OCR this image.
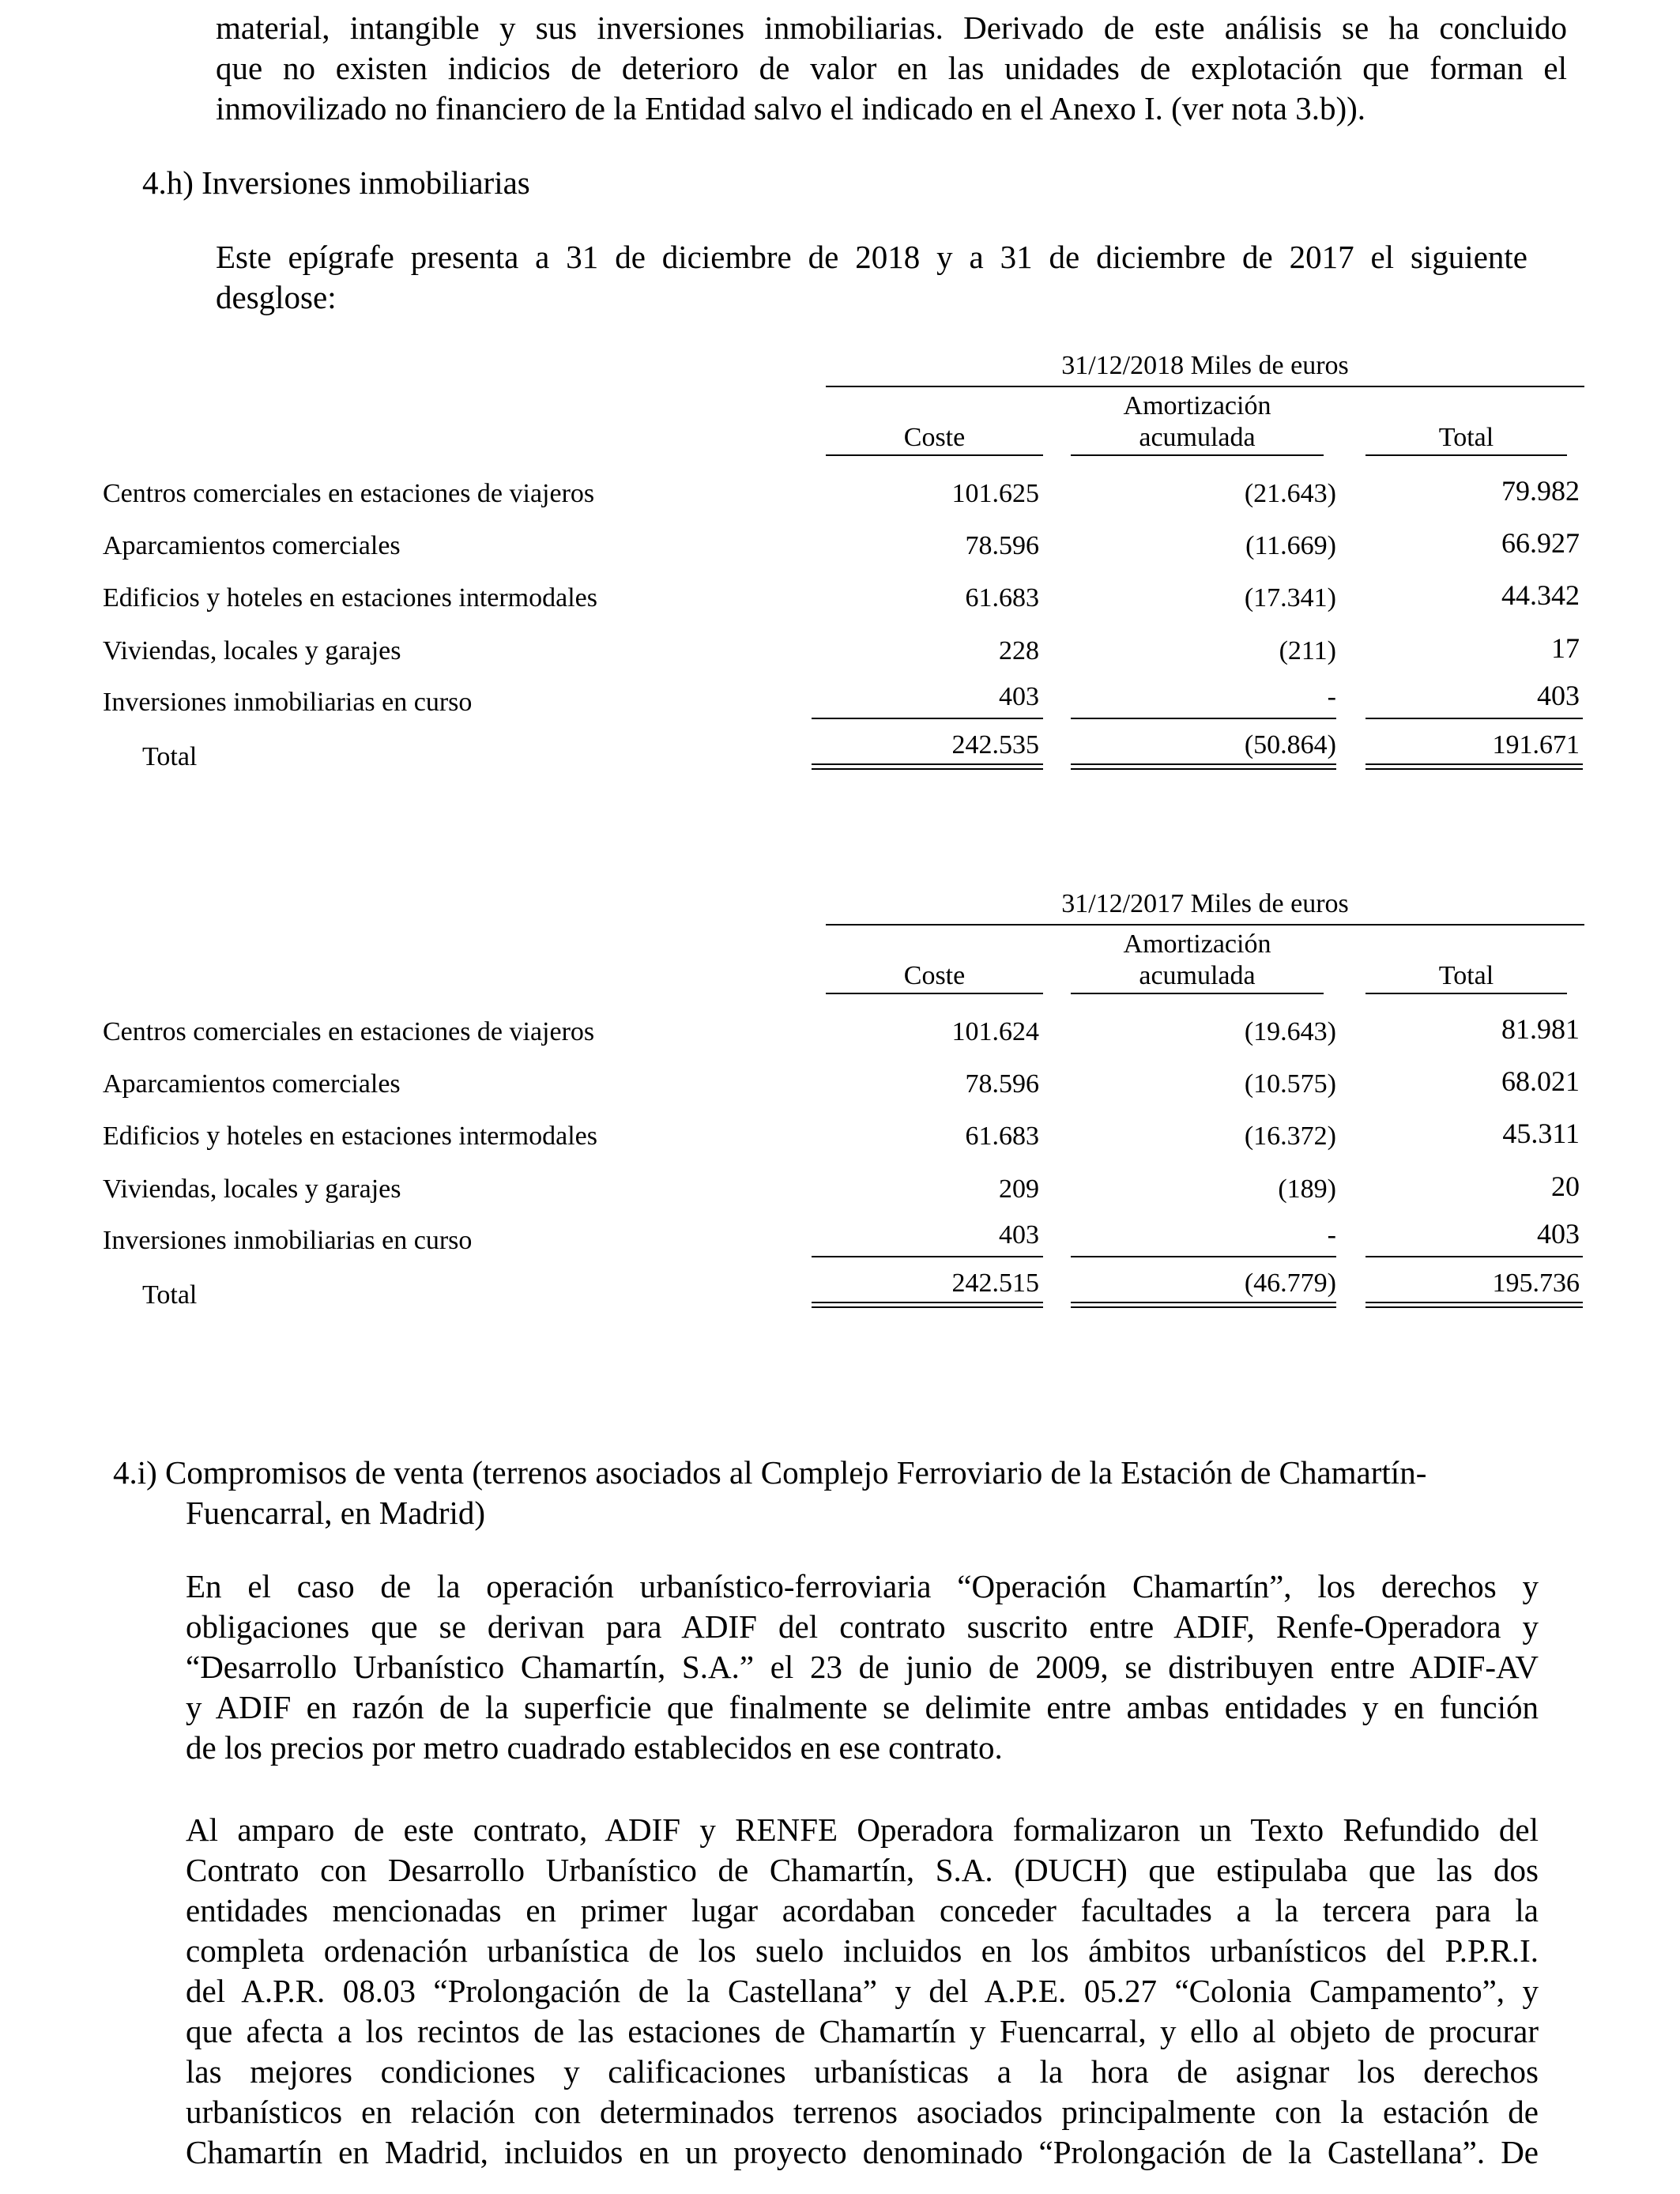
material, intangible y sus inversiones inmobiliarias. Derivado de este análisis se ha concluido
que no existen indicios de deterioro de valor en las unidades de explotación que forman el
inmovilizado no financiero de la Entidad salvo el indicado en el Anexo I. (ver nota 3.b)).
4.h) Inversiones inmobiliarias
Este epígrafe presenta a 31 de diciembre de 2018 y a 31 de diciembre de 2017 el siguiente
desglose:
31/12/2018 Miles de euros
Amortización
Coste	acumulada	Total
Centros comerciales en estaciones de viajeros	101.625	(21.643)	79.982
Aparcamientos comerciales	78.596	(11.669)	66.927
Edificios y hoteles en estaciones intermodales	61.683	(17.341)	44.342
Viviendas, locales y garajes	228	(211)	17
Inversiones inmobiliarias en curso	403	-	403
Total	242.535	(50.864)	191.671
31/12/2017 Miles de euros
Amortización
Coste	acumulada	Total
Centros comerciales en estaciones de viajeros	101.624	(19.643)	81.981
Aparcamientos comerciales	78.596	(10.575)	68.021
Edificios y hoteles en estaciones intermodales	61.683	(16.372)	45.311
Viviendas, locales y garajes	209	(189)	20
Inversiones inmobiliarias en curso	403	-	403
Total	242.515	(46.779)	195.736
4.i) Compromisos de venta (terrenos asociados al Complejo Ferroviario de la Estación de Chamartín-
Fuencarral, en Madrid)
En el caso de la operación urbanístico-ferroviaria “Operación Chamartín”, los derechos y
obligaciones que se derivan para ADIF del contrato suscrito entre ADIF, Renfe-Operadora y
“Desarrollo Urbanístico Chamartín, S.A.” el 23 de junio de 2009, se distribuyen entre ADIF-AV
y ADIF en razón de la superficie que finalmente se delimite entre ambas entidades y en función
de los precios por metro cuadrado establecidos en ese contrato.
Al amparo de este contrato, ADIF y RENFE Operadora formalizaron un Texto Refundido del
Contrato con Desarrollo Urbanístico de Chamartín, S.A. (DUCH) que estipulaba que las dos
entidades mencionadas en primer lugar acordaban conceder facultades a la tercera para la
completa ordenación urbanística de los suelo incluidos en los ámbitos urbanísticos del P.P.R.I.
del A.P.R. 08.03 “Prolongación de la Castellana” y del A.P.E. 05.27 “Colonia Campamento”, y
que afecta a los recintos de las estaciones de Chamartín y Fuencarral, y ello al objeto de procurar
las mejores condiciones y calificaciones urbanísticas a la hora de asignar los derechos
urbanísticos en relación con determinados terrenos asociados principalmente con la estación de
Chamartín en Madrid, incluidos en un proyecto denominado “Prolongación de la Castellana”. De
